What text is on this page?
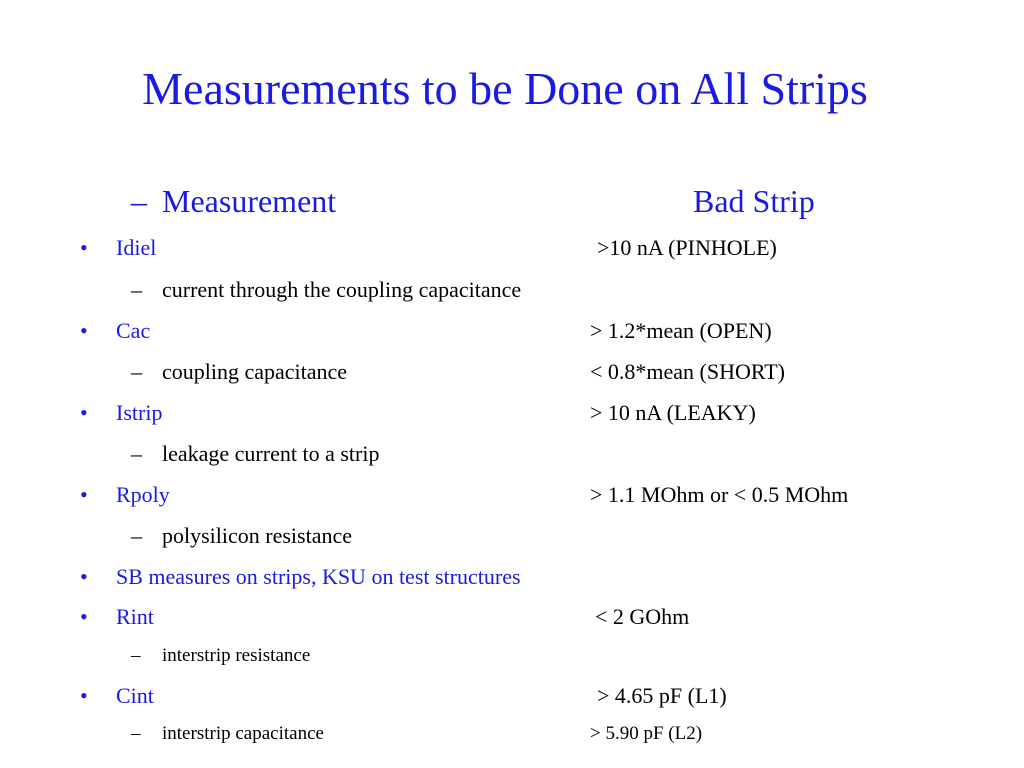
Measurements to be Done on All Strips
– Measurement	Bad Strip
• Idiel	>10 nA (PINHOLE)
– current through the coupling capacitance
• Cac	> 1.2*mean (OPEN)
– coupling capacitance	< 0.8*mean (SHORT)
• Istrip	> 10 nA (LEAKY)
– leakage current to a strip
• Rpoly	> 1.1 MOhm or < 0.5 MOhm
– polysilicon resistance
• SB measures on strips, KSU on test structures
• Rint	< 2 GOhm
– interstrip resistance
• Cint	> 4.65 pF (L1)
– interstrip capacitance	> 5.90 pF (L2)
